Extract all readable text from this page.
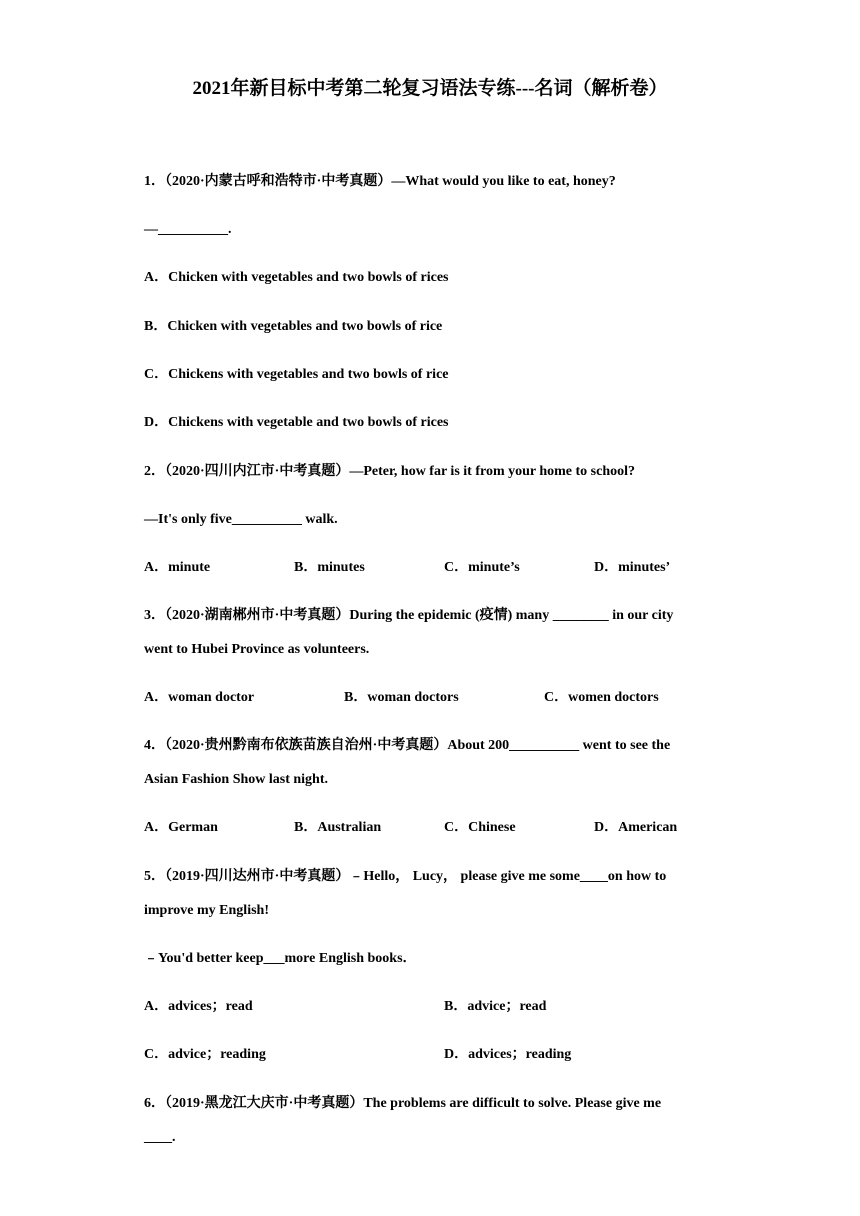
2021年新目标中考第二轮复习语法专练---名词（解析卷）
1．（2020·内蒙古呼和浩特市·中考真题）—What would you like to eat, honey?
—__________.
A．Chicken with vegetables and two bowls of rices
B．Chicken with vegetables and two bowls of rice
C．Chickens with vegetables and two bowls of rice
D．Chickens with vegetable and two bowls of rices
2．（2020·四川内江市·中考真题）—Peter, how far is it from your home to school?
—It's only five__________ walk.
A．minute	B．minutes	C．minute’s	D．minutes’
3．（2020·湖南郴州市·中考真题）During the epidemic (疫情) many ________ in our city
went to Hubei Province as volunteers.
A．woman doctor	B．woman doctors	C．women doctors
4．（2020·贵州黔南布依族苗族自治州·中考真题）About 200__________ went to see the
Asian Fashion Show last night.
A．German	B．Australian	C．Chinese	D．American
5．（2019·四川达州市·中考真题）﹣Hello， Lucy， please give me some____on how to
improve my English!
﹣You'd better keep___more English books．
A．advices；read	B．advice；read
C．advice；reading	D．advices；reading
6．（2019·黑龙江大庆市·中考真题）The problems are difficult to solve. Please give me
____.
